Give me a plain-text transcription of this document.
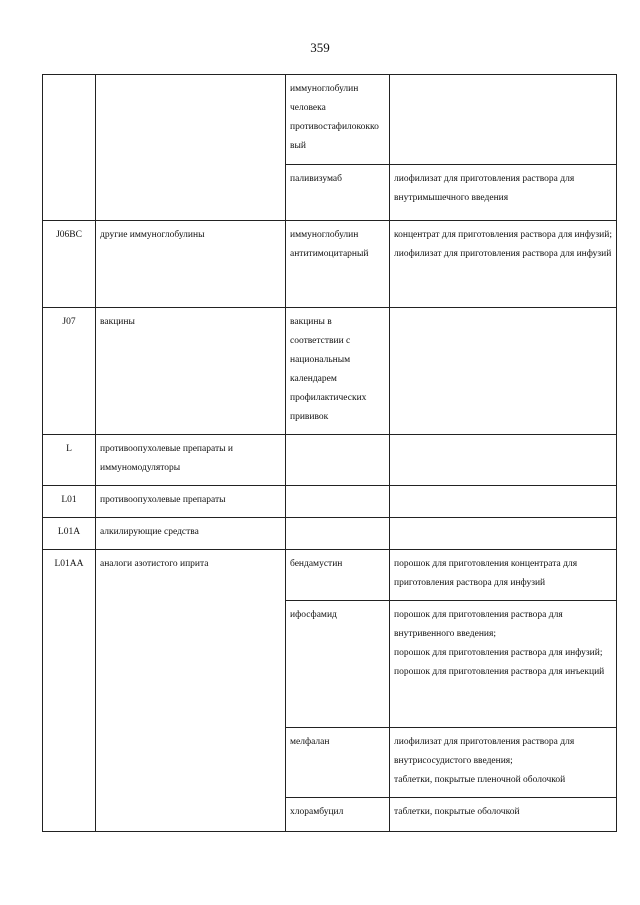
359
		иммуноглобулин человека противостафилококко вый	
		паливизумаб	лиофилизат для приготовления раствора для внутримышечного введения
J06BC	другие иммуноглобулины	иммуноглобулин антитимоцитарный	концентрат для приготовления раствора для инфузий;
лиофилизат для приготовления раствора для инфузий
J07	вакцины	вакцины в соответствии с национальным календарем профилактических прививок	
L	противоопухолевые препараты и иммуномодуляторы		
L01	противоопухолевые препараты		
L01A	алкилирующие средства		
L01AA	аналоги азотистого иприта	бендамустин	порошок для приготовления концентрата для приготовления раствора для инфузий
		ифосфамид	порошок для приготовления раствора для внутривенного введения;
порошок для приготовления раствора для инфузий;
порошок для приготовления раствора для инъекций
		мелфалан	лиофилизат для приготовления раствора для внутрисосудистого введения;
таблетки, покрытые пленочной оболочкой
		хлорамбуцил	таблетки, покрытые оболочкой
